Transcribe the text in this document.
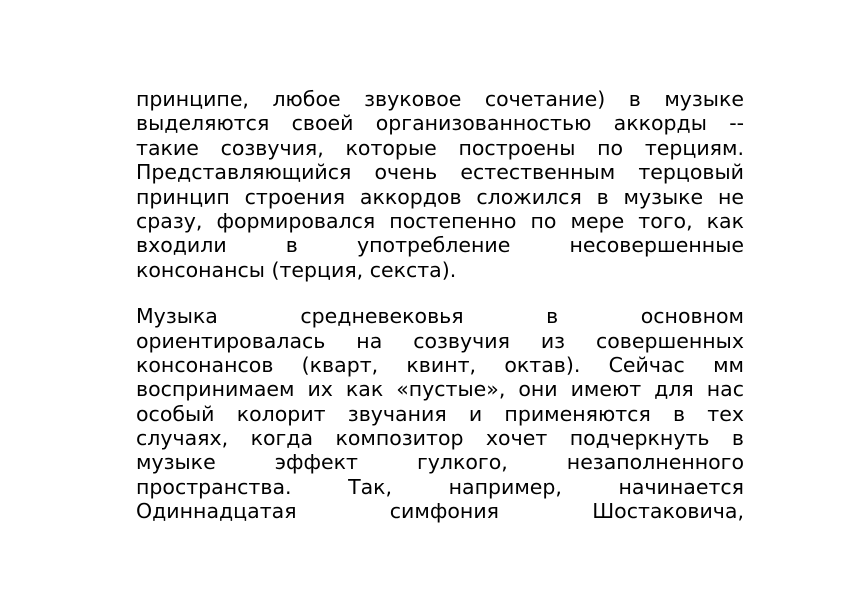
принципе, любое звуковое сочетание) в музыке
выделяются своей организованностью аккорды --
такие созвучия, которые построены по терциям.
Представляющийся очень естественным терцовый
принцип строения аккордов сложился в музыке не
сразу, формировался постепенно по мере того, как
входили в употребление несовершенные
консонансы (терция, секста).
Музыка средневековья в основном
ориентировалась на созвучия из совершенных
консонансов (кварт, квинт, октав). Сейчас мм
воспринимаем их как «пустые», они имеют для нас
особый колорит звучания и применяются в тех
случаях, когда композитор хочет подчеркнуть в
музыке эффект гулкого, незаполненного
пространства. Так, например, начинается
Одиннадцатая симфония Шостаковича,
